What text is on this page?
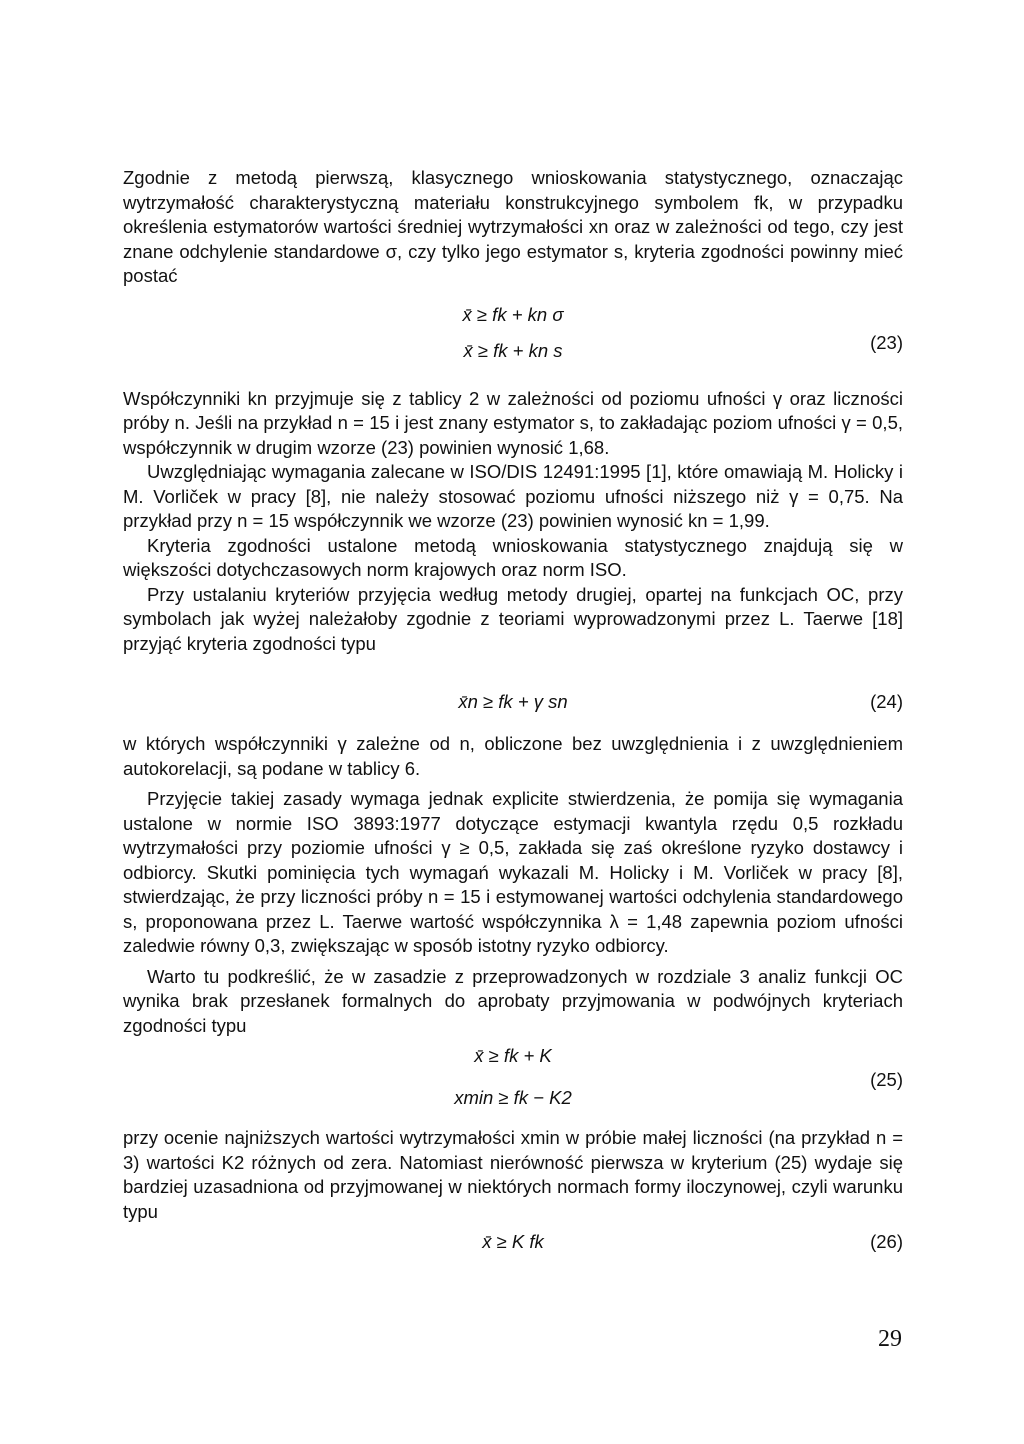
Zgodnie z metodą pierwszą, klasycznego wnioskowania statystycznego, oznaczając wytrzymałość charakterystyczną materiału konstrukcyjnego symbolem fk, w przypadku określenia estymatorów wartości średniej wytrzymałości xn oraz w zależności od tego, czy jest znane odchylenie standardowe σ, czy tylko jego estymator s, kryteria zgodności powinny mieć postać

x̄ ≥ fk + kn σ
x̄ ≥ fk + kn s	(23)

Współczynniki kn przyjmuje się z tablicy 2 w zależności od poziomu ufności γ oraz liczności próby n. Jeśli na przykład n = 15 i jest znany estymator s, to zakładając poziom ufności γ = 0,5, współczynnik w drugim wzorze (23) powinien wynosić 1,68.

Uwzględniając wymagania zalecane w ISO/DIS 12491:1995 [1], które omawiają M. Holicky i M. Vorliček w pracy [8], nie należy stosować poziomu ufności niższego niż γ = 0,75. Na przykład przy n = 15 współczynnik we wzorze (23) powinien wynosić kn = 1,99.

Kryteria zgodności ustalone metodą wnioskowania statystycznego znajdują się w większości dotychczasowych norm krajowych oraz norm ISO.

Przy ustalaniu kryteriów przyjęcia według metody drugiej, opartej na funkcjach OC, przy symbolach jak wyżej należałoby zgodnie z teoriami wyprowadzonymi przez L. Taerwe [18] przyjąć kryteria zgodności typu

x̄n ≥ fk + γ sn	(24)

w których współczynniki γ zależne od n, obliczone bez uwzględnienia i z uwzględnieniem autokorelacji, są podane w tablicy 6.

Przyjęcie takiej zasady wymaga jednak explicite stwierdzenia, że pomija się wymagania ustalone w normie ISO 3893:1977 dotyczące estymacji kwantyla rzędu 0,5 rozkładu wytrzymałości przy poziomie ufności γ ≥ 0,5, zakłada się zaś określone ryzyko dostawcy i odbiorcy. Skutki pominięcia tych wymagań wykazali M. Holicky i M. Vorliček w pracy [8], stwierdzając, że przy liczności próby n = 15 i estymowanej wartości odchylenia standardowego s, proponowana przez L. Taerwe wartość współczynnika λ = 1,48 zapewnia poziom ufności zaledwie równy 0,3, zwiększając w sposób istotny ryzyko odbiorcy.

Warto tu podkreślić, że w zasadzie z przeprowadzonych w rozdziale 3 analiz funkcji OC wynika brak przesłanek formalnych do aprobaty przyjmowania w podwójnych kryteriach zgodności typu

x̄ ≥ fk + K
xmin ≥ fk − K2
(25)

przy ocenie najniższych wartości wytrzymałości xmin w próbie małej liczności (na przykład n = 3) wartości K2 różnych od zera. Natomiast nierówność pierwsza w kryterium (25) wydaje się bardziej uzasadniona od przyjmowanej w niektórych normach formy iloczynowej, czyli warunku typu

x̄ ≥ K fk	(26)
29
